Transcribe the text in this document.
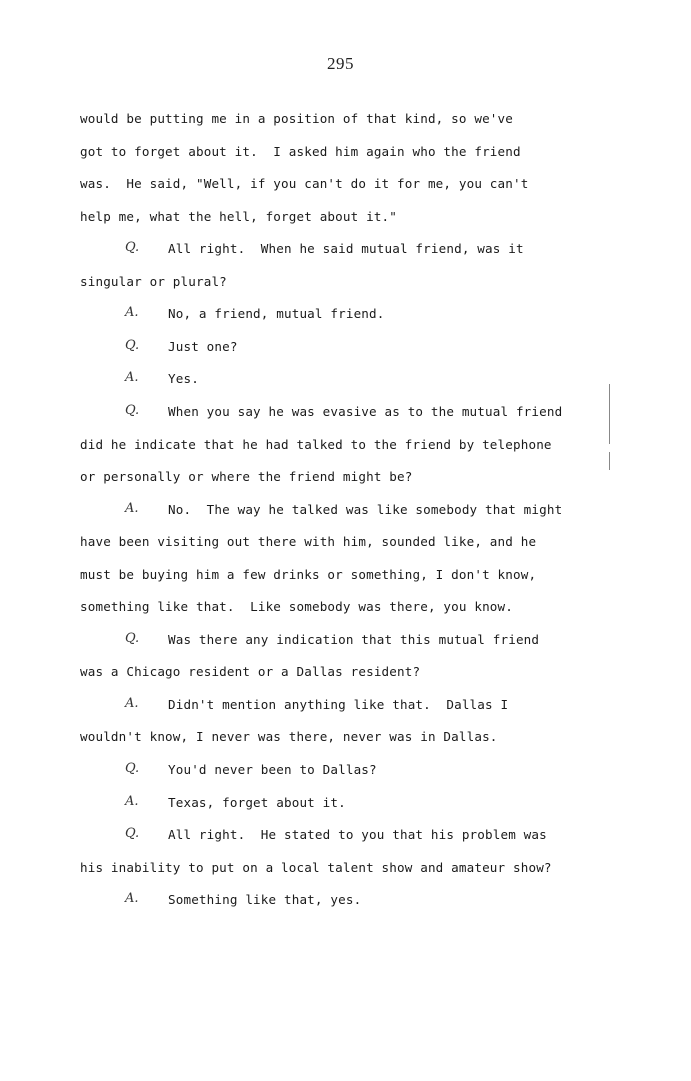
295
would be putting me in a position of that kind, so we've
got to forget about it.  I asked him again who the friend
was.  He said, "Well, if you can't do it for me, you can't
help me, what the hell, forget about it."
Q. All right.  When he said mutual friend, was it
singular or plural?
A. No, a friend, mutual friend.
Q. Just one?
A. Yes.
Q. When you say he was evasive as to the mutual friend
did he indicate that he had talked to the friend by telephone
or personally or where the friend might be?
A. No.  The way he talked was like somebody that might
have been visiting out there with him, sounded like, and he
must be buying him a few drinks or something, I don't know,
something like that.  Like somebody was there, you know.
Q. Was there any indication that this mutual friend
was a Chicago resident or a Dallas resident?
A. Didn't mention anything like that.  Dallas I
wouldn't know, I never was there, never was in Dallas.
Q. You'd never been to Dallas?
A. Texas, forget about it.
Q. All right.  He stated to you that his problem was
his inability to put on a local talent show and amateur show?
A. Something like that, yes.
